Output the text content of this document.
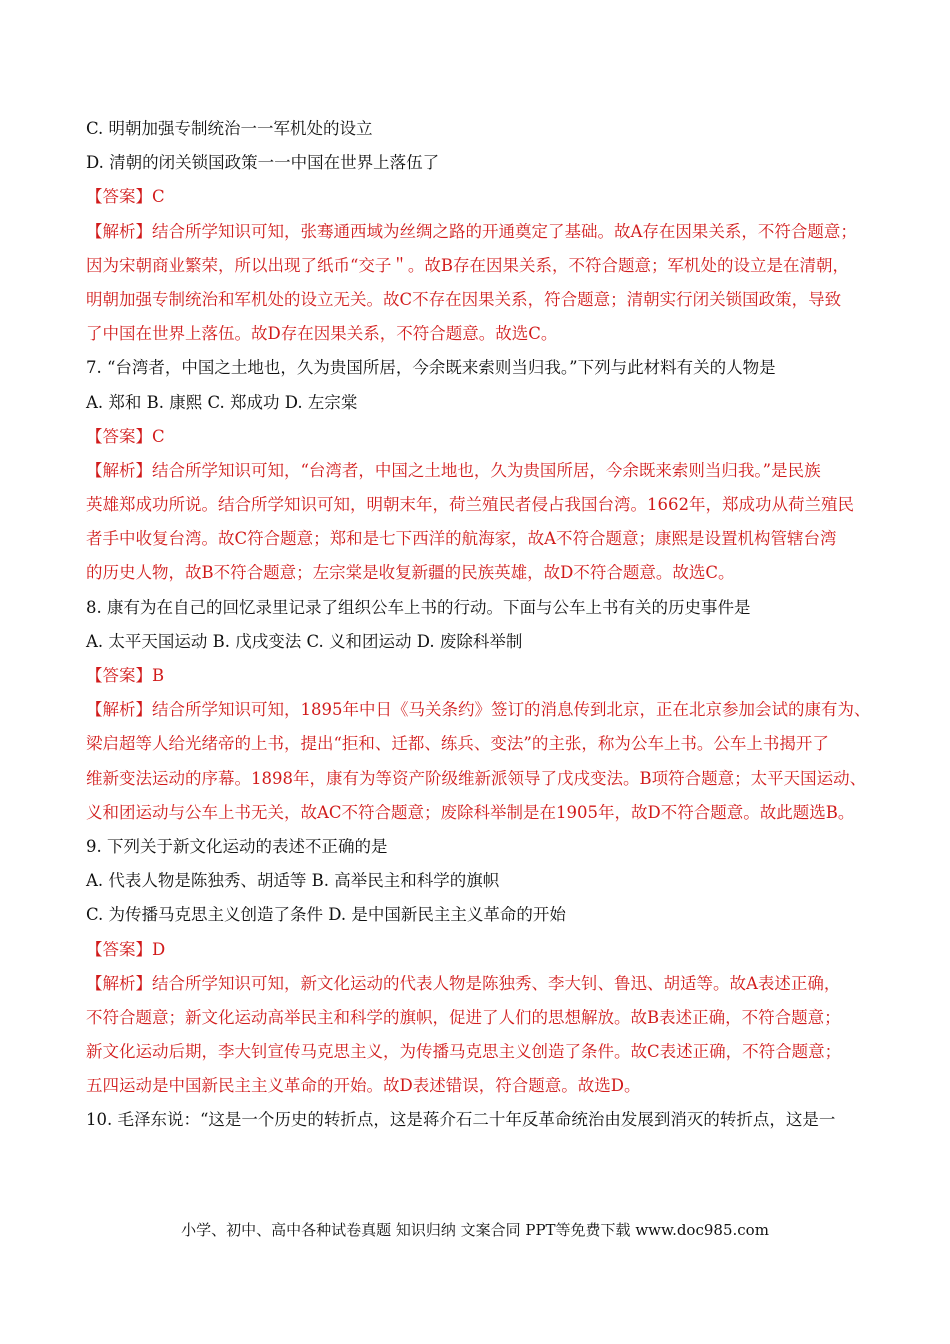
C. 明朝加强专制统治一一军机处的设立
D. 清朝的闭关锁国政策一一中国在世界上落伍了
【答案】C
【解析】结合所学知识可知，张骞通西域为丝绸之路的开通奠定了基础。故A存在因果关系，不符合题意；
因为宋朝商业繁荣，所以出现了纸币“交子＂。故B存在因果关系，不符合题意；军机处的设立是在清朝，
明朝加强专制统治和军机处的设立无关。故C不存在因果关系，符合题意；清朝实行闭关锁国政策，导致
了中国在世界上落伍。故D存在因果关系，不符合题意。故选C。
7. “台湾者，中国之土地也，久为贵国所居，今余既来索则当归我。”下列与此材料有关的人物是
A. 郑和 B. 康熙 C. 郑成功 D. 左宗棠
【答案】C
【解析】结合所学知识可知，“台湾者，中国之土地也，久为贵国所居，今余既来索则当归我。”是民族
英雄郑成功所说。结合所学知识可知，明朝末年，荷兰殖民者侵占我国台湾。1662年，郑成功从荷兰殖民
者手中收复台湾。故C符合题意；郑和是七下西洋的航海家，故A不符合题意；康熙是设置机构管辖台湾
的历史人物，故B不符合题意；左宗棠是收复新疆的民族英雄，故D不符合题意。故选C。
8. 康有为在自己的回忆录里记录了组织公车上书的行动。下面与公车上书有关的历史事件是
A. 太平天国运动 B. 戊戌变法 C. 义和团运动 D. 废除科举制
【答案】B
【解析】结合所学知识可知，1895年中日《马关条约》签订的消息传到北京，正在北京参加会试的康有为、
梁启超等人给光绪帝的上书，提出“拒和、迁都、练兵、变法”的主张，称为公车上书。公车上书揭开了
维新变法运动的序幕。1898年，康有为等资产阶级维新派领导了戊戌变法。B项符合题意；太平天国运动、
义和团运动与公车上书无关，故AC不符合题意；废除科举制是在1905年，故D不符合题意。故此题选B。
9. 下列关于新文化运动的表述不正确的是
A. 代表人物是陈独秀、胡适等 B. 高举民主和科学的旗帜
C. 为传播马克思主义创造了条件 D. 是中国新民主主义革命的开始
【答案】D
【解析】结合所学知识可知，新文化运动的代表人物是陈独秀、李大钊、鲁迅、胡适等。故A表述正确，
不符合题意；新文化运动高举民主和科学的旗帜，促进了人们的思想解放。故B表述正确，不符合题意；
新文化运动后期，李大钊宣传马克思主义，为传播马克思主义创造了条件。故C表述正确，不符合题意；
五四运动是中国新民主主义革命的开始。故D表述错误，符合题意。故选D。
10. 毛泽东说：“这是一个历史的转折点，这是蒋介石二十年反革命统治由发展到消灭的转折点，这是一
小学、初中、高中各种试卷真题 知识归纳 文案合同 PPT等免费下载 www.doc985.com
